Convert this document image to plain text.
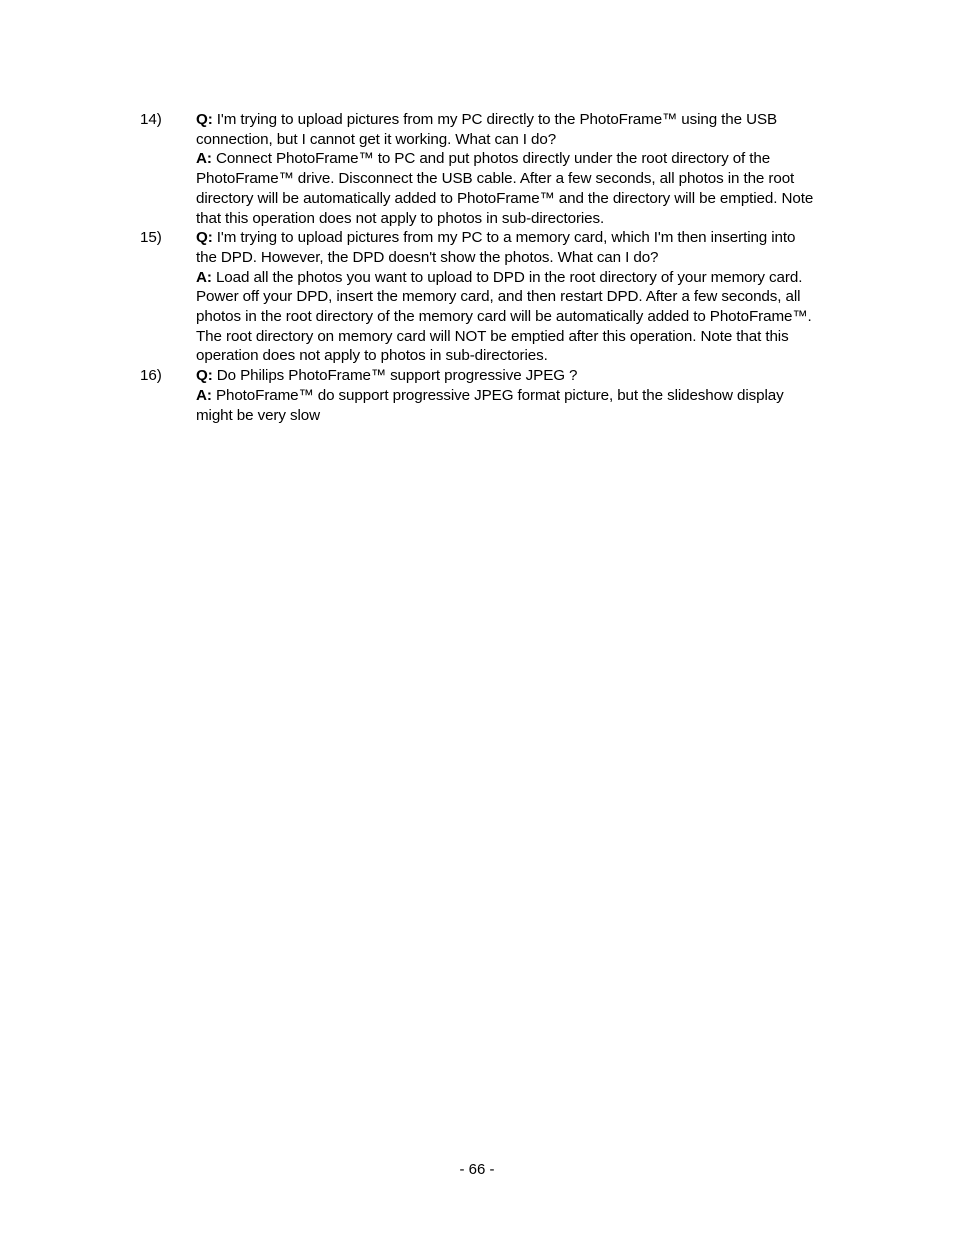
14) Q: I'm trying to upload pictures from my PC directly to the PhotoFrame™ using the USB connection, but I cannot get it working. What can I do?
A: Connect PhotoFrame™ to PC and put photos directly under the root directory of the PhotoFrame™ drive. Disconnect the USB cable. After a few seconds, all photos in the root directory will be automatically added to PhotoFrame™ and the directory will be emptied. Note that this operation does not apply to photos in sub-directories.
15) Q: I'm trying to upload pictures from my PC to a memory card, which I'm then inserting into the DPD. However, the DPD doesn't show the photos. What can I do?
A: Load all the photos you want to upload to DPD in the root directory of your memory card. Power off your DPD, insert the memory card, and then restart DPD. After a few seconds, all photos in the root directory of the memory card will be automatically added to PhotoFrame™. The root directory on memory card will NOT be emptied after this operation. Note that this operation does not apply to photos in sub-directories.
16) Q: Do Philips PhotoFrame™ support progressive JPEG ?
A: PhotoFrame™ do support progressive JPEG format picture, but the slideshow display might be very slow
- 66 -
